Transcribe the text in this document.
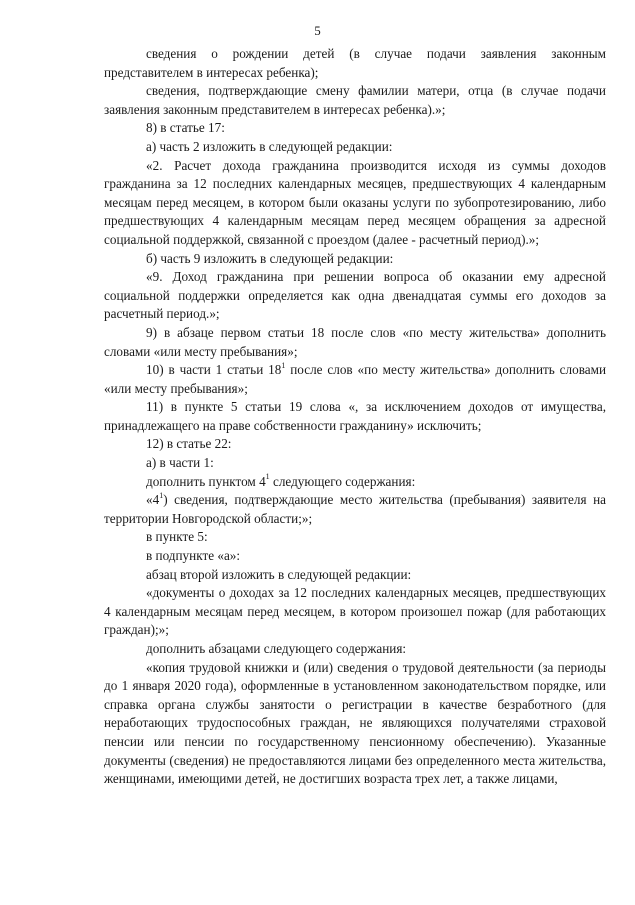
5

сведения о рождении детей (в случае подачи заявления законным представителем в интересах ребенка);

сведения, подтверждающие смену фамилии матери, отца (в случае подачи заявления законным представителем в интересах ребенка).»;

8) в статье 17:

а) часть 2 изложить в следующей редакции:

«2. Расчет дохода гражданина производится исходя из суммы доходов гражданина за 12 последних календарных месяцев, предшествующих 4 календарным месяцам перед месяцем, в котором были оказаны услуги по зубопротезированию, либо предшествующих 4 календарным месяцам перед месяцем обращения за адресной социальной поддержкой, связанной с проездом (далее - расчетный период).»;

б) часть 9 изложить в следующей редакции:

«9. Доход гражданина при решении вопроса об оказании ему адресной социальной поддержки определяется как одна двенадцатая суммы его доходов за расчетный период.»;

9) в абзаце первом статьи 18 после слов «по месту жительства» дополнить словами «или месту пребывания»;

10) в части 1 статьи $18^1$ после слов «по месту жительства» дополнить словами «или месту пребывания»;

11) в пункте 5 статьи 19 слова «, за исключением доходов от имущества, принадлежащего на праве собственности гражданину» исключить;

12) в статье 22:

а) в части 1:

дополнить пунктом $4^1$ следующего содержания:

«$4^1$) сведения, подтверждающие место жительства (пребывания) заявителя на территории Новгородской области;»;

в пункте 5:

в подпункте «а»:

абзац второй изложить в следующей редакции:

«документы о доходах за 12 последних календарных месяцев, предшествующих 4 календарным месяцам перед месяцем, в котором произошел пожар (для работающих граждан);»;

дополнить абзацами следующего содержания:

«копия трудовой книжки и (или) сведения о трудовой деятельности (за периоды до 1 января 2020 года), оформленные в установленном законодательством порядке, или справка органа службы занятости о регистрации в качестве безработного (для неработающих трудоспособных граждан, не являющихся получателями страховой пенсии или пенсии по государственному пенсионному обеспечению). Указанные документы (сведения) не предоставляются лицами без определенного места жительства, женщинами, имеющими детей, не достигших возраста трех лет, а также лицами,
